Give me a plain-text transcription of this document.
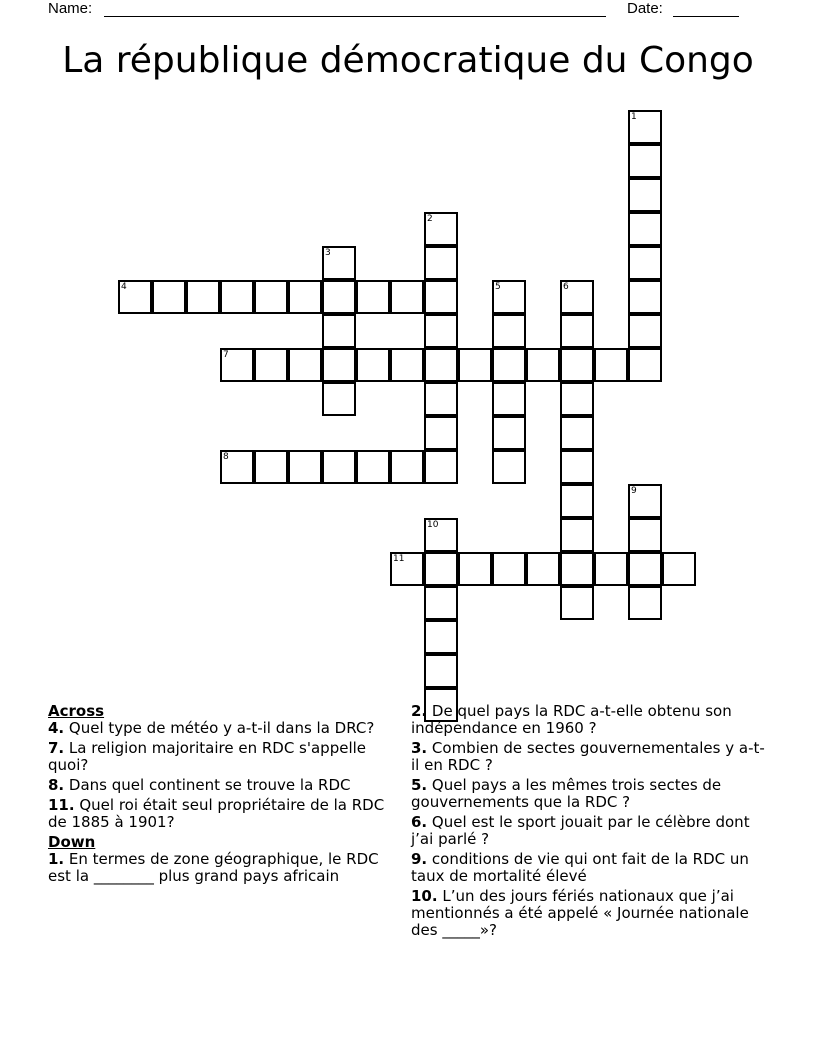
Name:	Date:
La république démocratique du Congo
1
2
3
4	5	6
7
8
9
10
11

Across

4. Quel type de météo y a-t-il dans la DRC?

7. La religion majoritaire en RDC s'appelle quoi?

8. Dans quel continent se trouve la RDC

11. Quel roi était seul propriétaire de la RDC de 1885 à 1901?

Down

1. En termes de zone géographique, le RDC est la ________ plus grand pays africain

2. De quel pays la RDC a-t-elle obtenu son indépendance en 1960 ?

3. Combien de sectes gouvernementales y a-t-il en RDC ?

5. Quel pays a les mêmes trois sectes de gouvernements que la RDC ?

6. Quel est le sport jouait par le célèbre dont j’ai parlé ?

9. conditions de vie qui ont fait de la RDC un taux de mortalité élevé

10. L’un des jours fériés nationaux que j’ai mentionnés a été appelé « Journée nationale des _____»?
